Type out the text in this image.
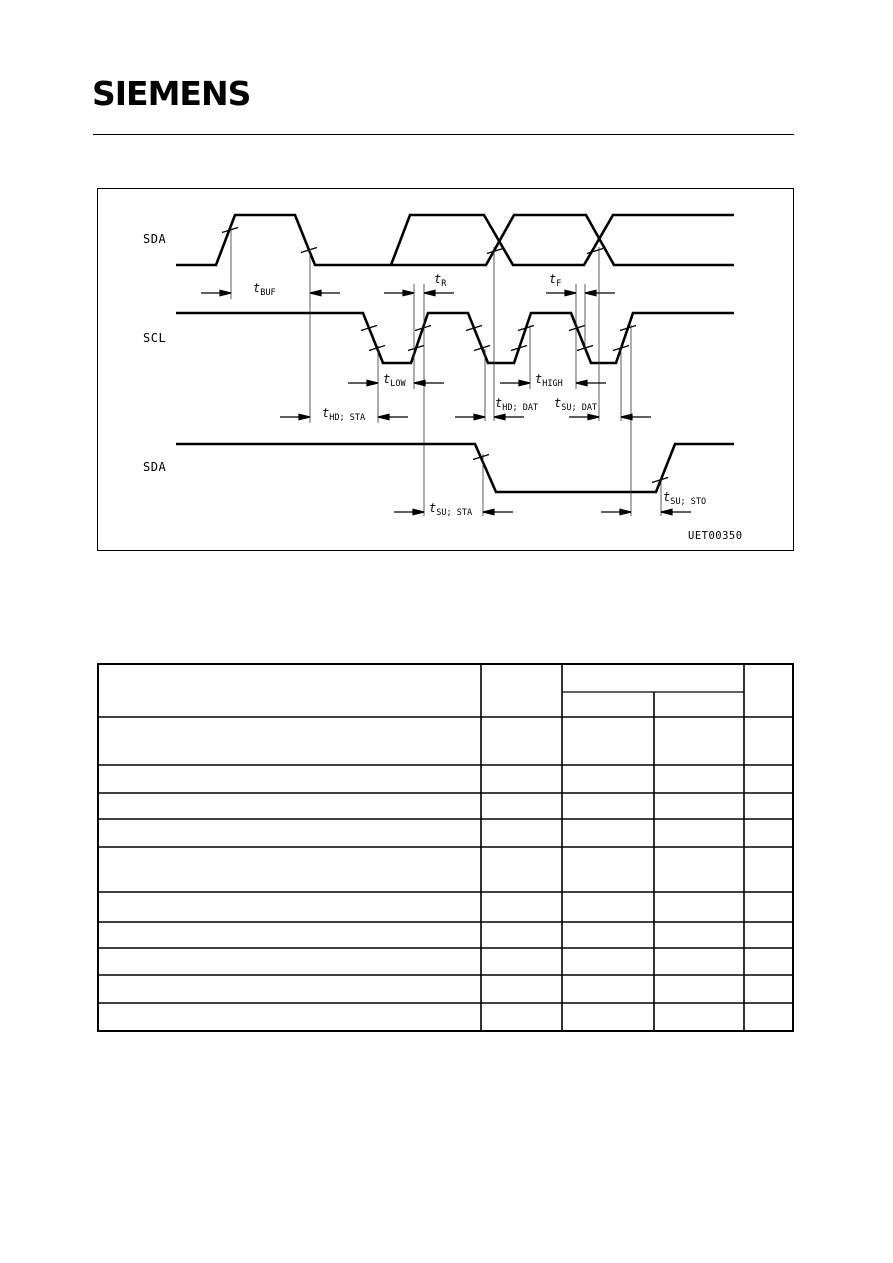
SIEMENS
SDA
SCL
SDA
$t_{BUF}$
$t_R$	$t_F$
$t_{LOW}$	$t_{HIGH}$
$t_{HD; STA}$
$t_{HD; DAT}$ $t_{SU; DAT}$
$t_{SU; STA}$
$t_{SU; STO}$
UET00350
